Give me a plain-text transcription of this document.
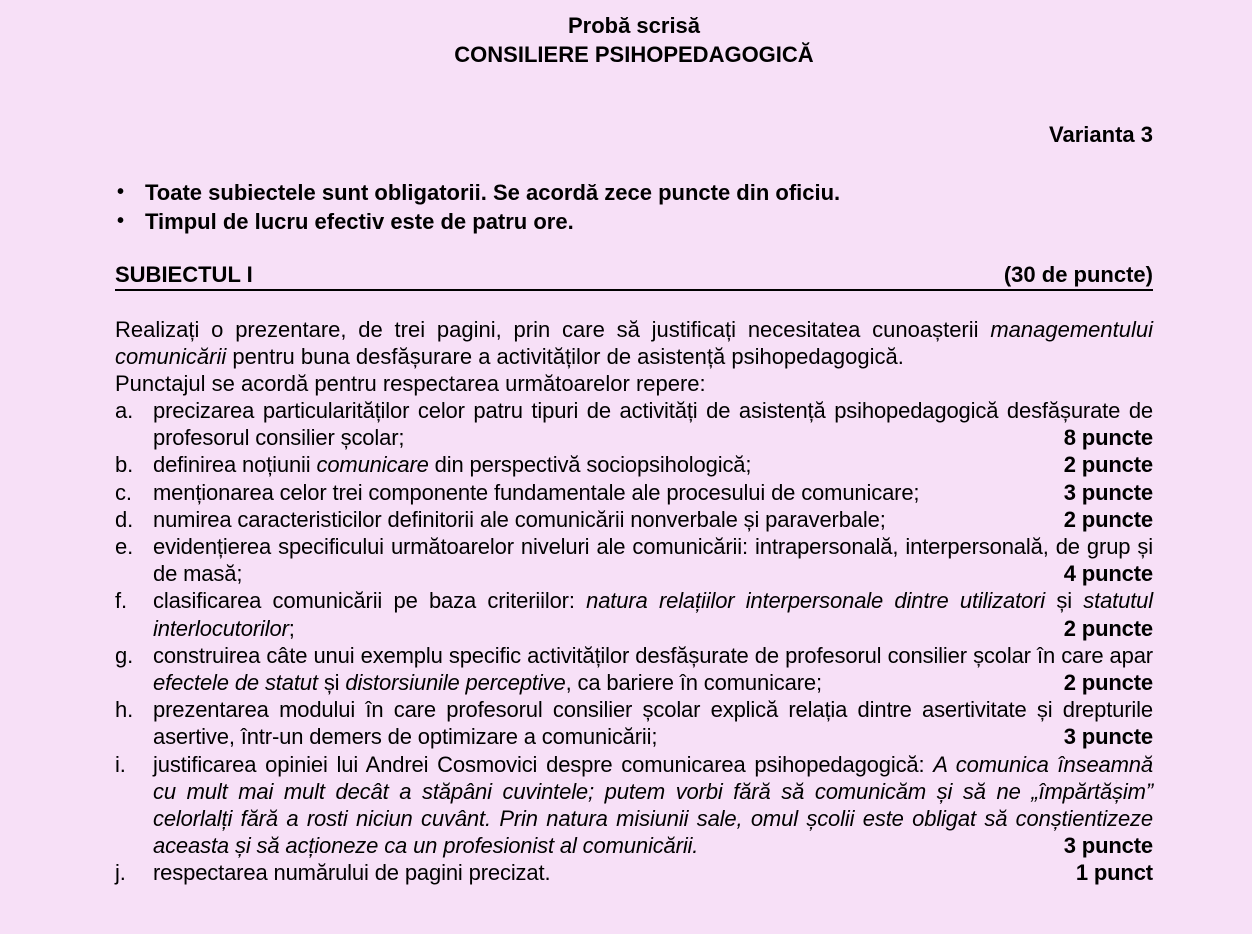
Probă scrisă
CONSILIERE PSIHOPEDAGOGICĂ
Varianta 3
• Toate subiectele sunt obligatorii. Se acordă zece puncte din oficiu.
• Timpul de lucru efectiv este de patru ore.
SUBIECTUL I	(30 de puncte)
Realizați o prezentare, de trei pagini, prin care să justificați necesitatea cunoașterii managementului comunicării pentru buna desfășurare a activităților de asistență psihopedagogică.
Punctajul se acordă pentru respectarea următoarelor repere:
a. precizarea particularităților celor patru tipuri de activități de asistență psihopedagogică desfășurate de profesorul consilier școlar;	8 puncte
b. definirea noțiunii comunicare din perspectivă sociopsihologică;	2 puncte
c. menționarea celor trei componente fundamentale ale procesului de comunicare;	3 puncte
d. numirea caracteristicilor definitorii ale comunicării nonverbale și paraverbale;	2 puncte
e. evidențierea specificului următoarelor niveluri ale comunicării: intrapersonală, interpersonală, de grup și de masă;	4 puncte
f. clasificarea comunicării pe baza criteriilor: natura relațiilor interpersonale dintre utilizatori și statutul interlocutorilor;	2 puncte
g. construirea câte unui exemplu specific activităților desfășurate de profesorul consilier școlar în care apar efectele de statut și distorsiunile perceptive, ca bariere în comunicare;	2 puncte
h. prezentarea modului în care profesorul consilier școlar explică relația dintre asertivitate și drepturile asertive, într-un demers de optimizare a comunicării;	3 puncte
i. justificarea opiniei lui Andrei Cosmovici despre comunicarea psihopedagogică: A comunica înseamnă cu mult mai mult decât a stăpâni cuvintele; putem vorbi fără să comunicăm și să ne „împărtășim” celorlalți fără a rosti niciun cuvânt. Prin natura misiunii sale, omul școlii este obligat să conștientizeze aceasta și să acționeze ca un profesionist al comunicării.	3 puncte
j. respectarea numărului de pagini precizat.	1 punct
